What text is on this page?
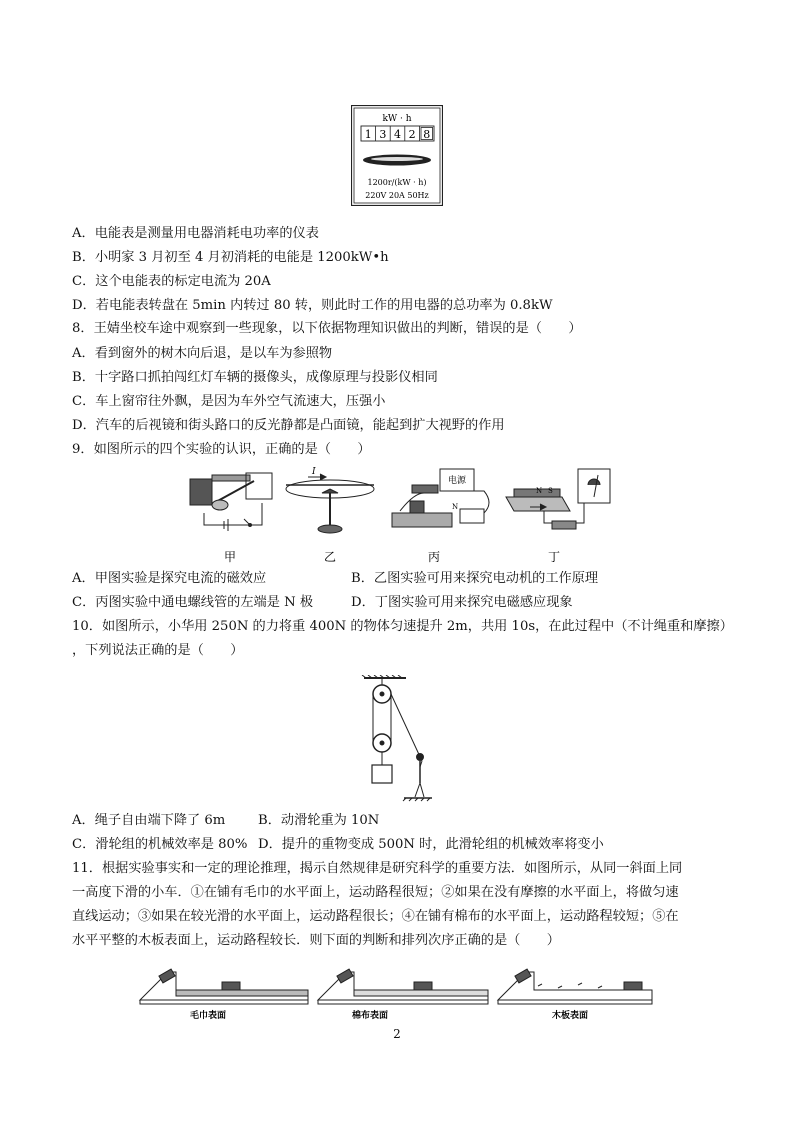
kW · h
1 3 4 2 8
1200r/(kW · h)
220V 20A 50Hz
A．电能表是测量用电器消耗电功率的仪表
B．小明家 3 月初至 4 月初消耗的电能是 1200kW•h
C．这个电能表的标定电流为 20A
D．若电能表转盘在 5min 内转过 80 转，则此时工作的用电器的总功率为 0.8kW
8．王婧坐校车途中观察到一些现象，以下依据物理知识做出的判断，错误的是（　　）
A．看到窗外的树木向后退，是以车为参照物
B．十字路口抓拍闯红灯车辆的摄像头，成像原理与投影仪相同
C．车上窗帘往外飘，是因为车外空气流速大，压强小
D．汽车的后视镜和街头路口的反光静都是凸面镜，能起到扩大视野的作用
9．如图所示的四个实验的认识，正确的是（　　）
甲
I
乙
电源
N
丙
N S
丁
A．甲图实验是探究电流的磁效应	B．乙图实验可用来探究电动机的工作原理
C．丙图实验中通电螺线管的左端是 N 极	D．丁图实验可用来探究电磁感应现象
10．如图所示，小华用 250N 的力将重 400N 的物体匀速提升 2m，共用 10s，在此过程中（不计绳重和摩擦）
，下列说法正确的是（　　）
A．绳子自由端下降了 6m B．动滑轮重为 10N
C．滑轮组的机械效率是 80% D．提升的重物变成 500N 时，此滑轮组的机械效率将变小
11．根据实验事实和一定的理论推理，揭示自然规律是研究科学的重要方法．如图所示，从同一斜面上同
一高度下滑的小车．①在铺有毛巾的水平面上，运动路程很短；②如果在没有摩擦的水平面上，将做匀速
直线运动；③如果在较光滑的水平面上，运动路程很长；④在铺有棉布的水平面上，运动路程较短；⑤在
水平平整的木板表面上，运动路程较长．则下面的判断和排列次序正确的是（　　）
毛巾表面	棉布表面	木板表面
2
